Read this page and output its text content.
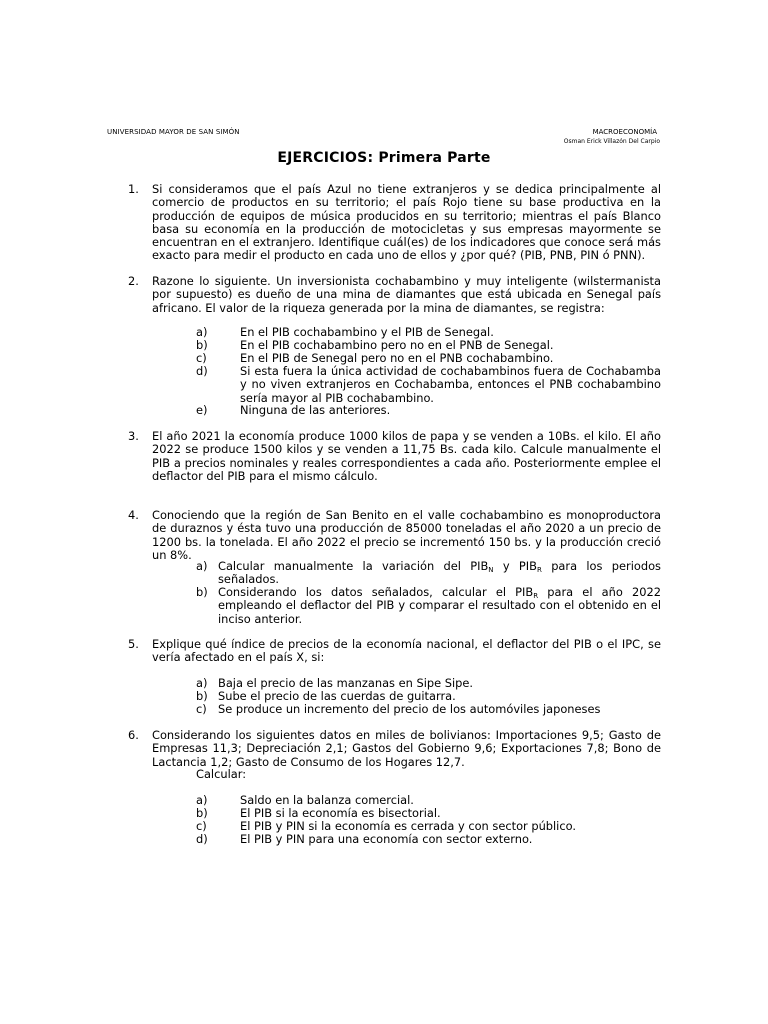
UNIVERSIDAD MAYOR DE SAN SIMÓN	MACROECONOMÍA
Osman Erick Villazón Del Carpio
EJERCICIOS: Primera Parte
1. Si consideramos que el país Azul no tiene extranjeros y se dedica principalmente al comercio de productos en su territorio; el país Rojo tiene su base productiva en la producción de equipos de música producidos en su territorio; mientras el país Blanco basa su economía en la producción de motocicletas y sus empresas mayormente se encuentran en el extranjero. Identifique cuál(es) de los indicadores que conoce será más exacto para medir el producto en cada uno de ellos y ¿por qué? (PIB, PNB, PIN ó PNN).
2. Razone lo siguiente. Un inversionista cochabambino y muy inteligente (wilstermanista por supuesto) es dueño de una mina de diamantes que está ubicada en Senegal país africano. El valor de la riqueza generada por la mina de diamantes, se registra:
a)	En el PIB cochabambino y el PIB de Senegal.
b)	En el PIB cochabambino pero no en el PNB de Senegal.
c)	En el PIB de Senegal pero no en el PNB cochabambino.
d)	Si esta fuera la única actividad de cochabambinos fuera de Cochabamba y no viven extranjeros en Cochabamba, entonces el PNB cochabambino sería mayor al PIB cochabambino.
e)	Ninguna de las anteriores.
3. El año 2021 la economía produce 1000 kilos de papa y se venden a 10Bs. el kilo. El año 2022 se produce 1500 kilos y se venden a 11,75 Bs. cada kilo. Calcule manualmente el PIB a precios nominales y reales correspondientes a cada año. Posteriormente emplee el deflactor del PIB para el mismo cálculo.
4. Conociendo que la región de San Benito en el valle cochabambino es monoproductora de duraznos y ésta tuvo una producción de 85000 toneladas el año 2020 a un precio de 1200 bs. la tonelada. El año 2022 el precio se incrementó 150 bs. y la producción creció un 8%.
a) Calcular manualmente la variación del $PIB_N$ y $PIB_R$ para los periodos señalados.
b) Considerando los datos señalados, calcular el $PIB_R$ para el año 2022 empleando el deflactor del PIB y comparar el resultado con el obtenido en el inciso anterior.
5. Explique qué índice de precios de la economía nacional, el deflactor del PIB o el IPC, se vería afectado en el país X, si:
a) Baja el precio de las manzanas en Sipe Sipe.
b) Sube el precio de las cuerdas de guitarra.
c) Se produce un incremento del precio de los automóviles japoneses
6. Considerando los siguientes datos en miles de bolivianos: Importaciones 9,5; Gasto de Empresas 11,3; Depreciación 2,1; Gastos del Gobierno 9,6; Exportaciones 7,8; Bono de Lactancia 1,2; Gasto de Consumo de los Hogares 12,7.
Calcular:
a)	Saldo en la balanza comercial.
b)	El PIB si la economía es bisectorial.
c)	El PIB y PIN si la economía es cerrada y con sector público.
d)	El PIB y PIN para una economía con sector externo.
